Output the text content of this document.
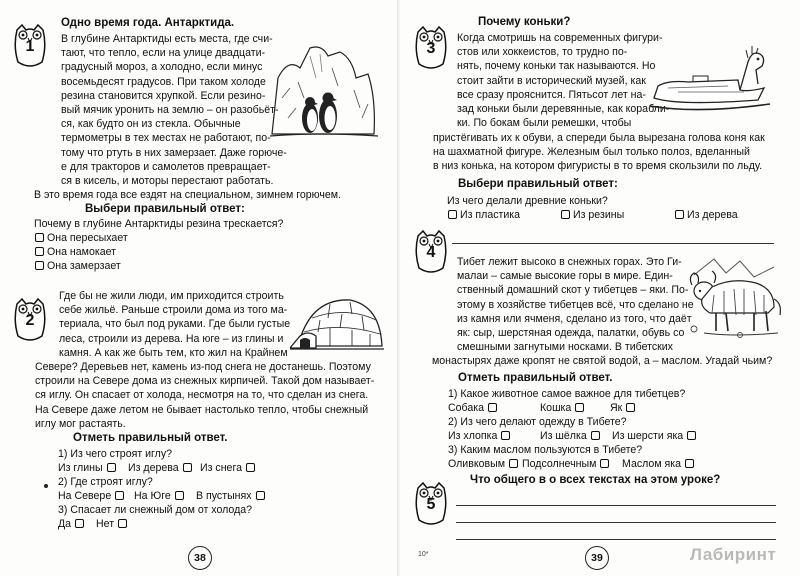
1
Одно время года. Антарктида.
В глубине Антарктиды есть места, где счи-
тают, что тепло, если на улице двадцати-
градусный мороз, а холодно, если минус
восемьдесят градусов. При таком холоде
резина становится хрупкой. Если резино-
вый мячик уронить на землю – он разобьёт-
ся, как будто он из стекла. Обычные
термометры в тех местах не работают, по-
тому что ртуть в них замерзает. Даже горюче-
е для тракторов и самолетов превращает-
ся в кисель, и моторы перестают работать.
В это время года все ездят на специальном, зимнем горючем.
Выбери правильный ответ:
Почему в глубине Антарктиды резина трескается?
Она пересыхает
Она намокает
Она замерзает
2
Где бы не жили люди, им приходится строить
себе жильё. Раньше строили дома из того ма-
териала, что был под руками. Где были густые
леса, строили из дерева. На юге – из глины и
камня. А как же быть тем, кто жил на Крайнем
Севере? Деревьев нет, камень из-под снега не достанешь. Поэтому
строили на Севере дома из снежных кирпичей. Такой дом называет-
ся иглу. Он спасает от холода, несмотря на то, что сделан из снега.
На Севере даже летом не бывает настолько тепло, чтобы снежный
иглу мог растаять.
Отметь правильный ответ.
1) Из чего строят иглу?
Из глины	Из дерева	Из снега
2) Где строят иглу?
На Севере	На Юге	В пустынях
3) Спасает ли снежный дом от холода?
Да	Нет
38
3
Почему коньки?
Когда смотришь на современных фигури-
стов или хоккеистов, то трудно по-
нять, почему коньки так называются. Но
стоит зайти в исторический музей, как
все сразу прояснится. Пятьсот лет на-
зад коньки были деревянные, как корабли-
ки. По бокам были ремешки, чтобы
пристёгивать их к обуви, а спереди была вырезана голова коня как
на шахматной фигуре. Железным был только полоз, вделанный
в низ конька, на котором фигуристы в то время скользили по льду.
Выбери правильный ответ:
Из чего делали древние коньки?
Из пластика	Из резины	Из дерева
4
Тибет лежит высоко в снежных горах. Это Ги-
малаи – самые высокие горы в мире. Един-
ственный домашний скот у тибетцев – яки. По-
этому в хозяйстве тибетцев всё, что сделано не
из камня или ячменя, сделано из того, что даёт
як: сыр, шерстяная одежда, палатки, обувь со
смешными загнутыми носками. В тибетских
монастырях даже кропят не святой водой, а – маслом. Угадай чьим?
Отметь правильный ответ.
1) Какое животное самое важное для тибетцев?
Собака	Кошка	Як
2) Из чего делают одежду в Тибете?
Из хлопка	Из шёлка	Из шерсти яка
3) Каким маслом пользуются в Тибете?
Оливковым	Подсолнечным	Маслом яка
5
Что общего в о всех текстах на этом уроке?
10*	39	Лабиринт
